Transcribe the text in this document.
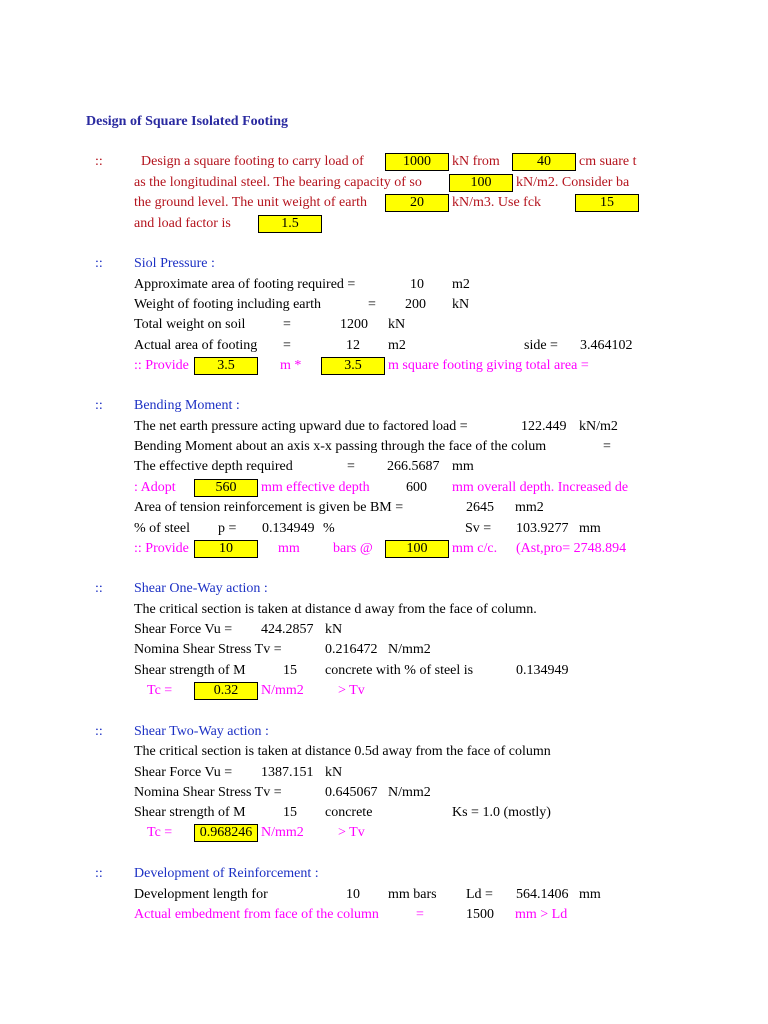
Design of Square Isolated Footing
::	Design a square footing to carry load of	1000	kN from	40	cm suare t
as the longitudinal steel. The bearing capacity of so	100	kN/m2. Consider ba
the ground level. The unit weight of earth	20	kN/m3. Use fck	15
and load factor is	1.5
:: Siol Pressure :
Approximate area of footing required =	10 m2
Weight of footing including earth	= 200 kN
Total weight on soil	=	1200 kN
Actual area of footing =	12 m2	side = 3.464102
:: Provide	3.5	m *	3.5	m square footing giving total area =
:: Bending Moment :
The net earth pressure acting upward due to factored load =	122.449 kN/m2
Bending Moment about an axis x-x passing through the face of the colum	=
The effective depth required	= 266.5687 mm
: Adopt	560	mm effective depth	600 mm overall depth. Increased de
Area of tension reinforcement is given be BM =	2645 mm2
% of steel p = 0.134949 %	Sv = 103.9277 mm
:: Provide	10	mm bars @	100	mm c/c. (Ast,pro= 2748.894
:: Shear One-Way action :
The critical section is taken at distance d away from the face of column.
Shear Force Vu = 424.2857 kN
Nomina Shear Stress Tv =	0.216472 N/mm2
Shear strength of M	15 concrete with % of steel is	0.134949
Tc =	0.32	N/mm2 > Tv
:: Shear Two-Way action :
The critical section is taken at distance 0.5d away from the face of column
Shear Force Vu = 1387.151 kN
Nomina Shear Stress Tv =	0.645067 N/mm2
Shear strength of M	15 concrete	Ks = 1.0 (mostly)
Tc =	0.968246 N/mm2 > Tv
:: Development of Reinforcement :
Development length for	10 mm bars Ld = 564.1406 mm
Actual embedment from face of the column	=	1500 mm > Ld
